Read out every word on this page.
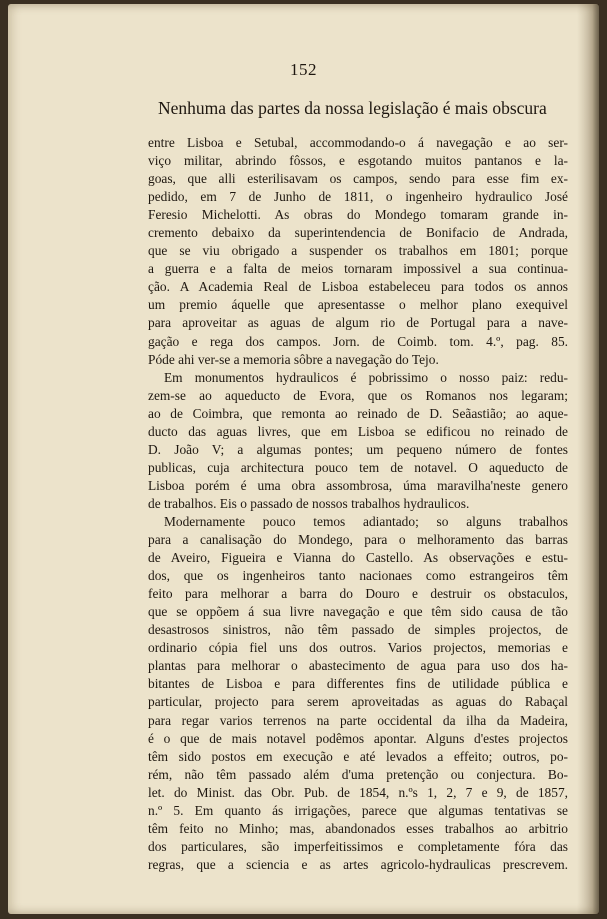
152
Nenhuma das partes da nossa legislação é mais obscura
entre Lisboa e Setubal, accommodando-o á navegação e ao ser-
viço militar, abrindo fôssos, e esgotando muitos pantanos e la-
goas, que alli esterilisavam os campos, sendo para esse fim ex-
pedido, em 7 de Junho de 1811, o ingenheiro hydraulico José
Feresio Michelotti. As obras do Mondego tomaram grande in-
cremento debaixo da superintendencia de Bonifacio de Andrada,
que se viu obrigado a suspender os trabalhos em 1801; porque
a guerra e a falta de meios tornaram impossivel a sua continua-
ção. A Academia Real de Lisboa estabeleceu para todos os annos
um premio áquelle que apresentasse o melhor plano exequivel
para aproveitar as aguas de algum rio de Portugal para a nave-
gação e rega dos campos. Jorn. de Coimb. tom. 4.º, pag. 85.
Póde ahi ver-se a memoria sôbre a navegação do Tejo.
Em monumentos hydraulicos é pobrissimo o nosso paiz: redu-
zem-se ao aqueducto de Evora, que os Romanos nos legaram;
ao de Coimbra, que remonta ao reinado de D. Seãastião; ao aque-
ducto das aguas livres, que em Lisboa se edificou no reinado de
D. João V; a algumas pontes; um pequeno número de fontes
publicas, cuja architectura pouco tem de notavel. O aqueducto de
Lisboa porém é uma obra assombrosa, úma maravilha'neste genero
de trabalhos. Eis o passado de nossos trabalhos hydraulicos.
Modernamente pouco temos adiantado; so alguns trabalhos
para a canalisação do Mondego, para o melhoramento das barras
de Aveiro, Figueira e Vianna do Castello. As observações e estu-
dos, que os ingenheiros tanto nacionaes como estrangeiros têm
feito para melhorar a barra do Douro e destruir os obstaculos,
que se oppõem á sua livre navegação e que têm sido causa de tão
desastrosos sinistros, não têm passado de simples projectos, de
ordinario cópia fiel uns dos outros. Varios projectos, memorias e
plantas para melhorar o abastecimento de agua para uso dos ha-
bitantes de Lisboa e para differentes fins de utilidade pública e
particular, projecto para serem aproveitadas as aguas do Rabaçal
para regar varios terrenos na parte occidental da ilha da Madeira,
é o que de mais notavel podêmos apontar. Alguns d'estes projectos
têm sido postos em execução e até levados a effeito; outros, po-
rém, não têm passado além d'uma pretenção ou conjectura. Bo-
let. do Minist. das Obr. Pub. de 1854, n.ºs 1, 2, 7 e 9, de 1857,
n.º 5. Em quanto ás irrigações, parece que algumas tentativas se
têm feito no Minho; mas, abandonados esses trabalhos ao arbitrio
dos particulares, são imperfeitissimos e completamente fóra das
regras, que a sciencia e as artes agricolo-hydraulicas prescrevem.
